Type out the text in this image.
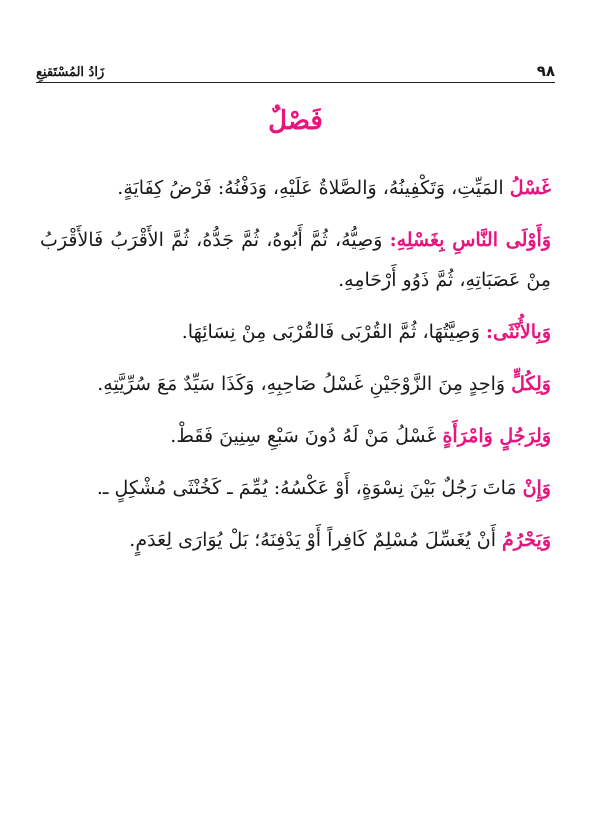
٩٨
زَادُ المُسْتَقنِعِ
فَصْلٌ

غَسْلُ المَيِّتِ، وَتَكْفِينُهُ، وَالصَّلاةُ عَلَيْهِ، وَدَفْنُهُ: فَرْضُ كِفَايَةٍ.

وَأَوْلَى النَّاسِ بِغَسْلِهِ: وَصِيُّهُ، ثُمَّ أَبُوهُ، ثُمَّ جَدُّهُ، ثُمَّ الأَقْرَبُ فَالأَقْرَبُ مِنْ عَصَبَاتِهِ، ثُمَّ ذَوُو أَرْحَامِهِ.

وَبِالأُنْثَى: وَصِيَّتُهَا، ثُمَّ القُرْبَى فَالقُرْبَى مِنْ نِسَائِهَا.

وَلِكُلٍّ وَاحِدٍ مِنَ الزَّوْجَيْنِ غَسْلُ صَاحِبِهِ، وَكَذَا سَيِّدٌ مَعَ سُرِّيَّتِهِ.

وَلِرَجُلٍ وَامْرَأَةٍ غَسْلُ مَنْ لَهُ دُونَ سَبْعِ سِنِينَ فَقَطْ.

وَإِنْ مَاتَ رَجُلٌ بَيْنَ نِسْوَةٍ، أَوْ عَكْسُهُ: يُمِّمَ ـ كَخُنْثَى مُشْكِلٍ ـ.

وَيَحْرُمُ أَنْ يُغَسِّلَ مُسْلِمٌ كَافِراً أَوْ يَدْفِنَهُ؛ بَلْ يُوَارَى لِعَدَمٍ.
